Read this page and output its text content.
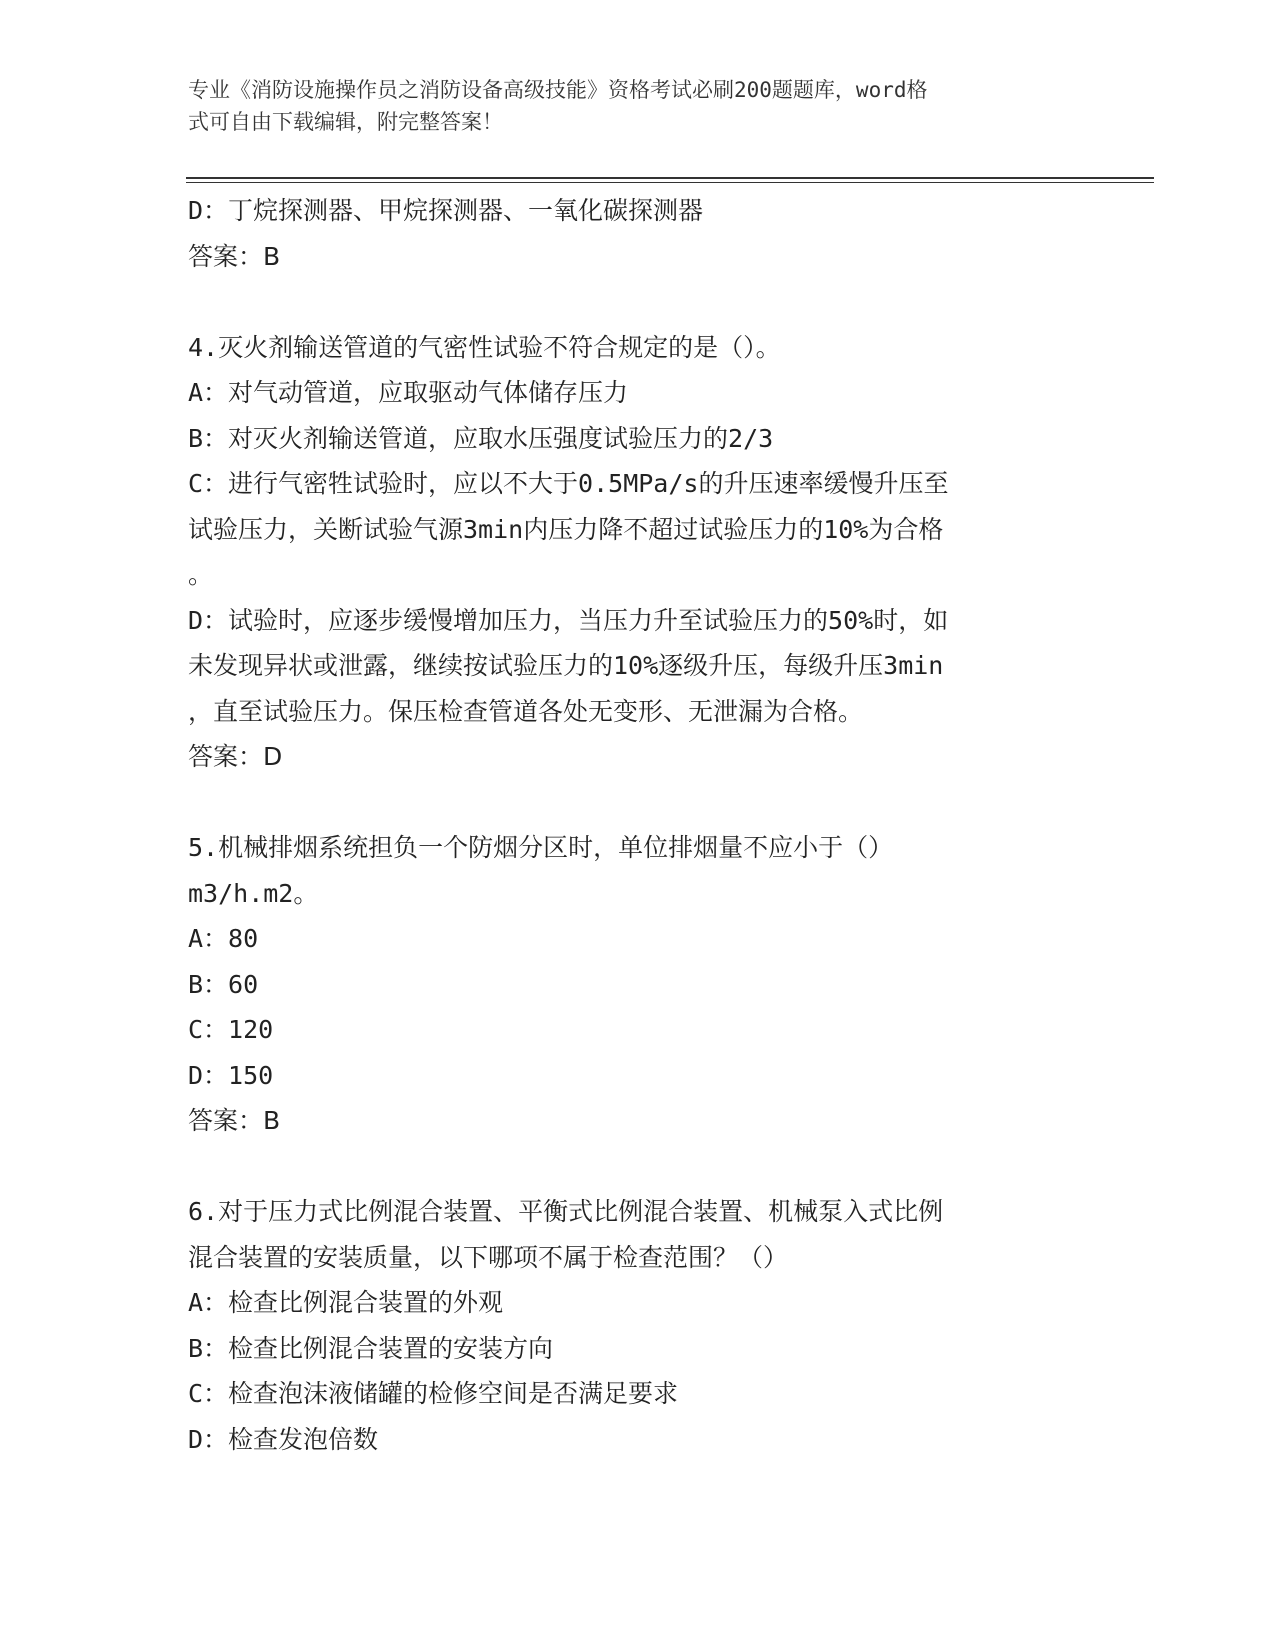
专业《消防设施操作员之消防设备高级技能》资格考试必刷200题题库，word格
式可自由下载编辑，附完整答案！
D：丁烷探测器、甲烷探测器、一氧化碳探测器
答案：B
4.灭火剂输送管道的气密性试验不符合规定的是（）。
A：对气动管道，应取驱动气体储存压力
B：对灭火剂输送管道，应取水压强度试验压力的2/3
C：进行气密牲试验时，应以不大于0.5MPa/s的升压速率缓慢升压至
试验压力，关断试验气源3min内压力降不超过试验压力的10%为合格
。
D：试验时，应逐步缓慢增加压力，当压力升至试验压力的50%时，如
未发现异状或泄露，继续按试验压力的10%逐级升压，每级升压3min
，直至试验压力。保压检查管道各处无变形、无泄漏为合格。
答案：D
5.机械排烟系统担负一个防烟分区时，单位排烟量不应小于（）
m3/h.m2。
A：80
B：60
C：120
D：150
答案：B
6.对于压力式比例混合装置、平衡式比例混合装置、机械泵入式比例
混合装置的安装质量，以下哪项不属于检查范围？（）
A：检查比例混合装置的外观
B：检查比例混合装置的安装方向
C：检查泡沫液储罐的检修空间是否满足要求
D：检查发泡倍数
